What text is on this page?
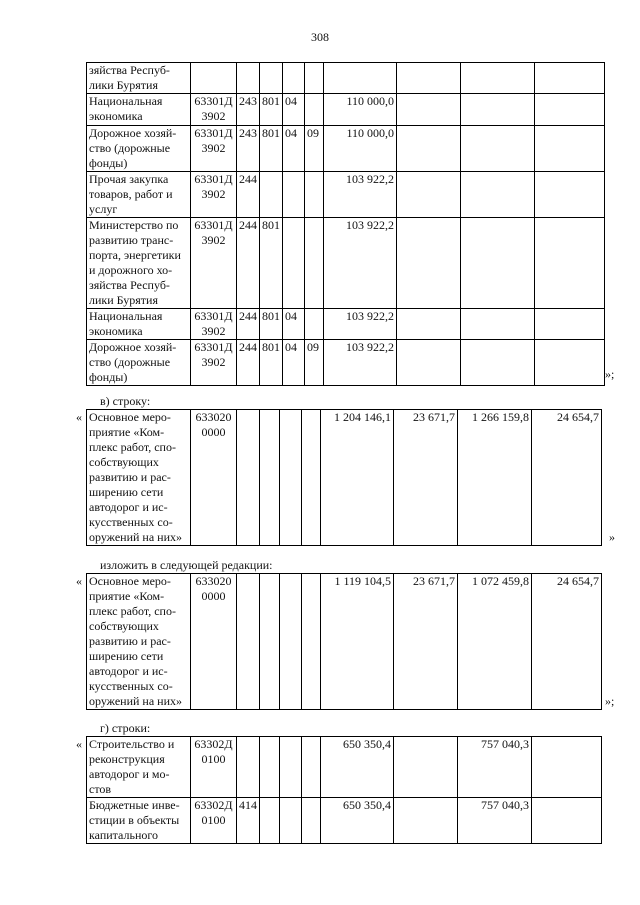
308
зяйства Респуб-лики Бурятия									
Национальная экономика	63301Д 3902	243	801	04		110 000,0			
Дорожное хозяй-ство (дорожные фонды)	63301Д 3902	243	801	04	09	110 000,0			
Прочая закупка товаров, работ и услуг	63301Д 3902	244				103 922,2			
Министерство по развитию транс-порта, энергетики и дорожного хо-зяйства Респуб-лики Бурятия	63301Д 3902	244	801			103 922,2			
Национальная экономика	63301Д 3902	244	801	04		103 922,2			
Дорожное хозяй-ство (дорожные фонды)	63301Д 3902	244	801	04	09	103 922,2			
»;
в) строку:
« Основное меро-приятие «Ком-плекс работ, спо-собствующих развитию и рас-ширению сети автодорог и ис-кусственных со-оружений на них»	633020 0000					1 204 146,1	23 671,7	1 266 159,8	24 654,7
»
изложить в следующей редакции:
« Основное меро-приятие «Ком-плекс работ, спо-собствующих развитию и рас-ширению сети автодорог и ис-кусственных со-оружений на них»	633020 0000					1 119 104,5	23 671,7	1 072 459,8	24 654,7
»;
г) строки:
« Строительство и реконструкция автодорог и мо-стов	63302Д 0100					650 350,4		757 040,3	
Бюджетные инве-стиции в объекты капитального	63302Д 0100	414				650 350,4		757 040,3	
